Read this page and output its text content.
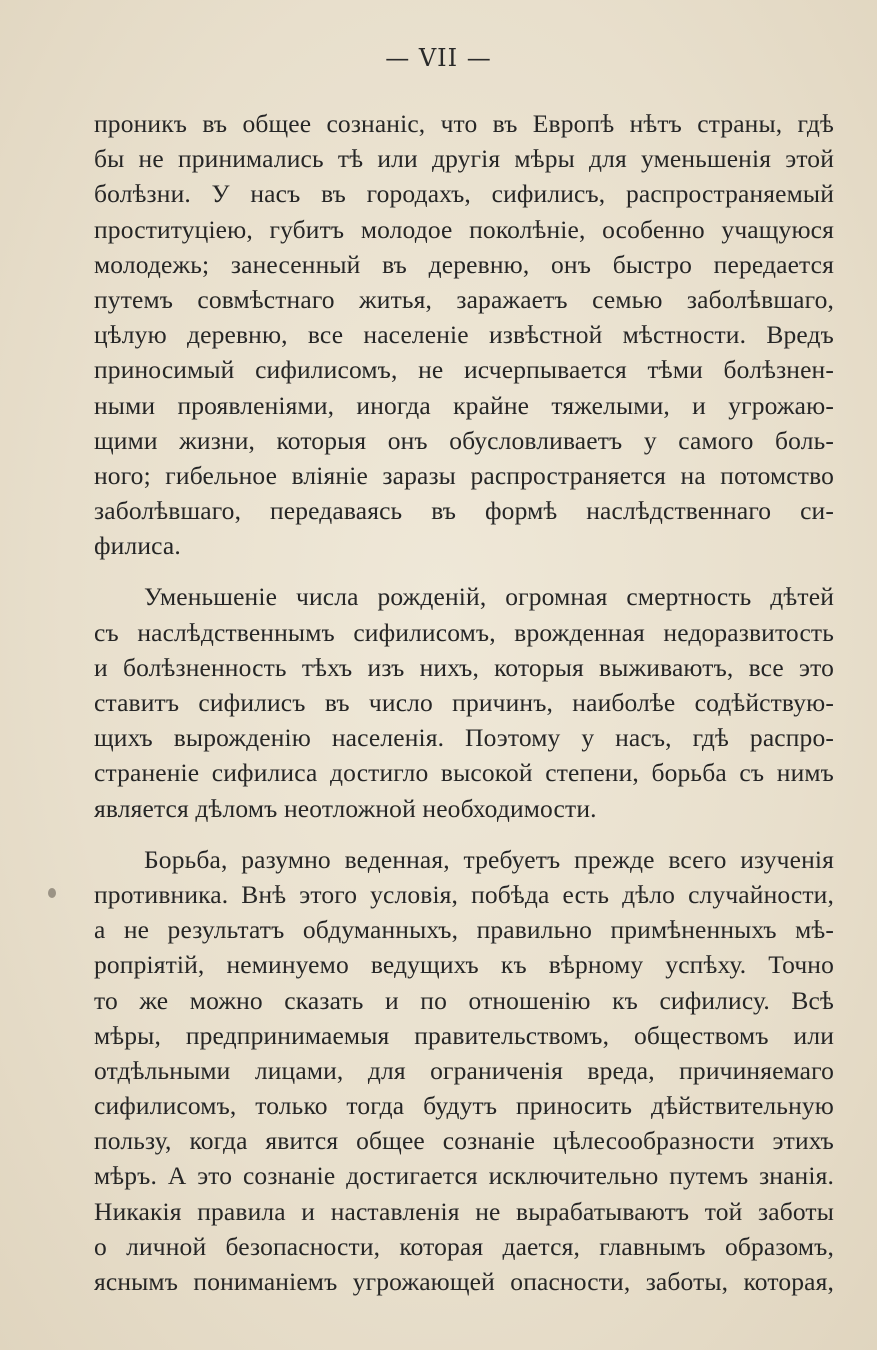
— VII —
проникъ въ общее сознаніс, что въ Европѣ нѣтъ страны, гдѣ
бы не принимались тѣ или другія мѣры для уменьшенія этой
болѣзни. У насъ въ городахъ, сифилисъ, распространяемый
проституціею, губитъ молодое поколѣніе, особенно учащуюся
молодежь; занесенный въ деревню, онъ быстро передается
путемъ совмѣстнаго житья, заражаетъ семью заболѣвшаго,
цѣлую деревню, все населеніе извѣстной мѣстности. Вредъ
приносимый сифилисомъ, не исчерпывается тѣми болѣзнен-
ными проявленіями, иногда крайне тяжелыми, и угрожаю-
щими жизни, которыя онъ обусловливаетъ у самого боль-
ного; гибельное вліяніе заразы распространяется на потомство
заболѣвшаго, передаваясь въ формѣ наслѣдственнаго си-
филиса.
Уменьшеніе числа рожденій, огромная смертность дѣтей
съ наслѣдственнымъ сифилисомъ, врожденная недоразвитость
и болѣзненность тѣхъ изъ нихъ, которыя выживаютъ, все это
ставитъ сифилисъ въ число причинъ, наиболѣе содѣйствую-
щихъ вырожденію населенія. Поэтому у насъ, гдѣ распро-
страненіе сифилиса достигло высокой степени, борьба съ нимъ
является дѣломъ неотложной необходимости.
Борьба, разумно веденная, требуетъ прежде всего изученія
противника. Внѣ этого условія, побѣда есть дѣло случайности,
а не результатъ обдуманныхъ, правильно примѣненныхъ мѣ-
ропріятій, неминуемо ведущихъ къ вѣрному успѣху. Точно
то же можно сказать и по отношенію къ сифилису. Всѣ
мѣры, предпринимаемыя правительствомъ, обществомъ или
отдѣльными лицами, для ограниченія вреда, причиняемаго
сифилисомъ, только тогда будутъ приносить дѣйствительную
пользу, когда явится общее сознаніе цѣлесообразности этихъ
мѣръ. А это сознаніе достигается исключительно путемъ знанія.
Никакія правила и наставленія не вырабатываютъ той заботы
о личной безопасности, которая дается, главнымъ образомъ,
яснымъ пониманіемъ угрожающей опасности, заботы, которая,
